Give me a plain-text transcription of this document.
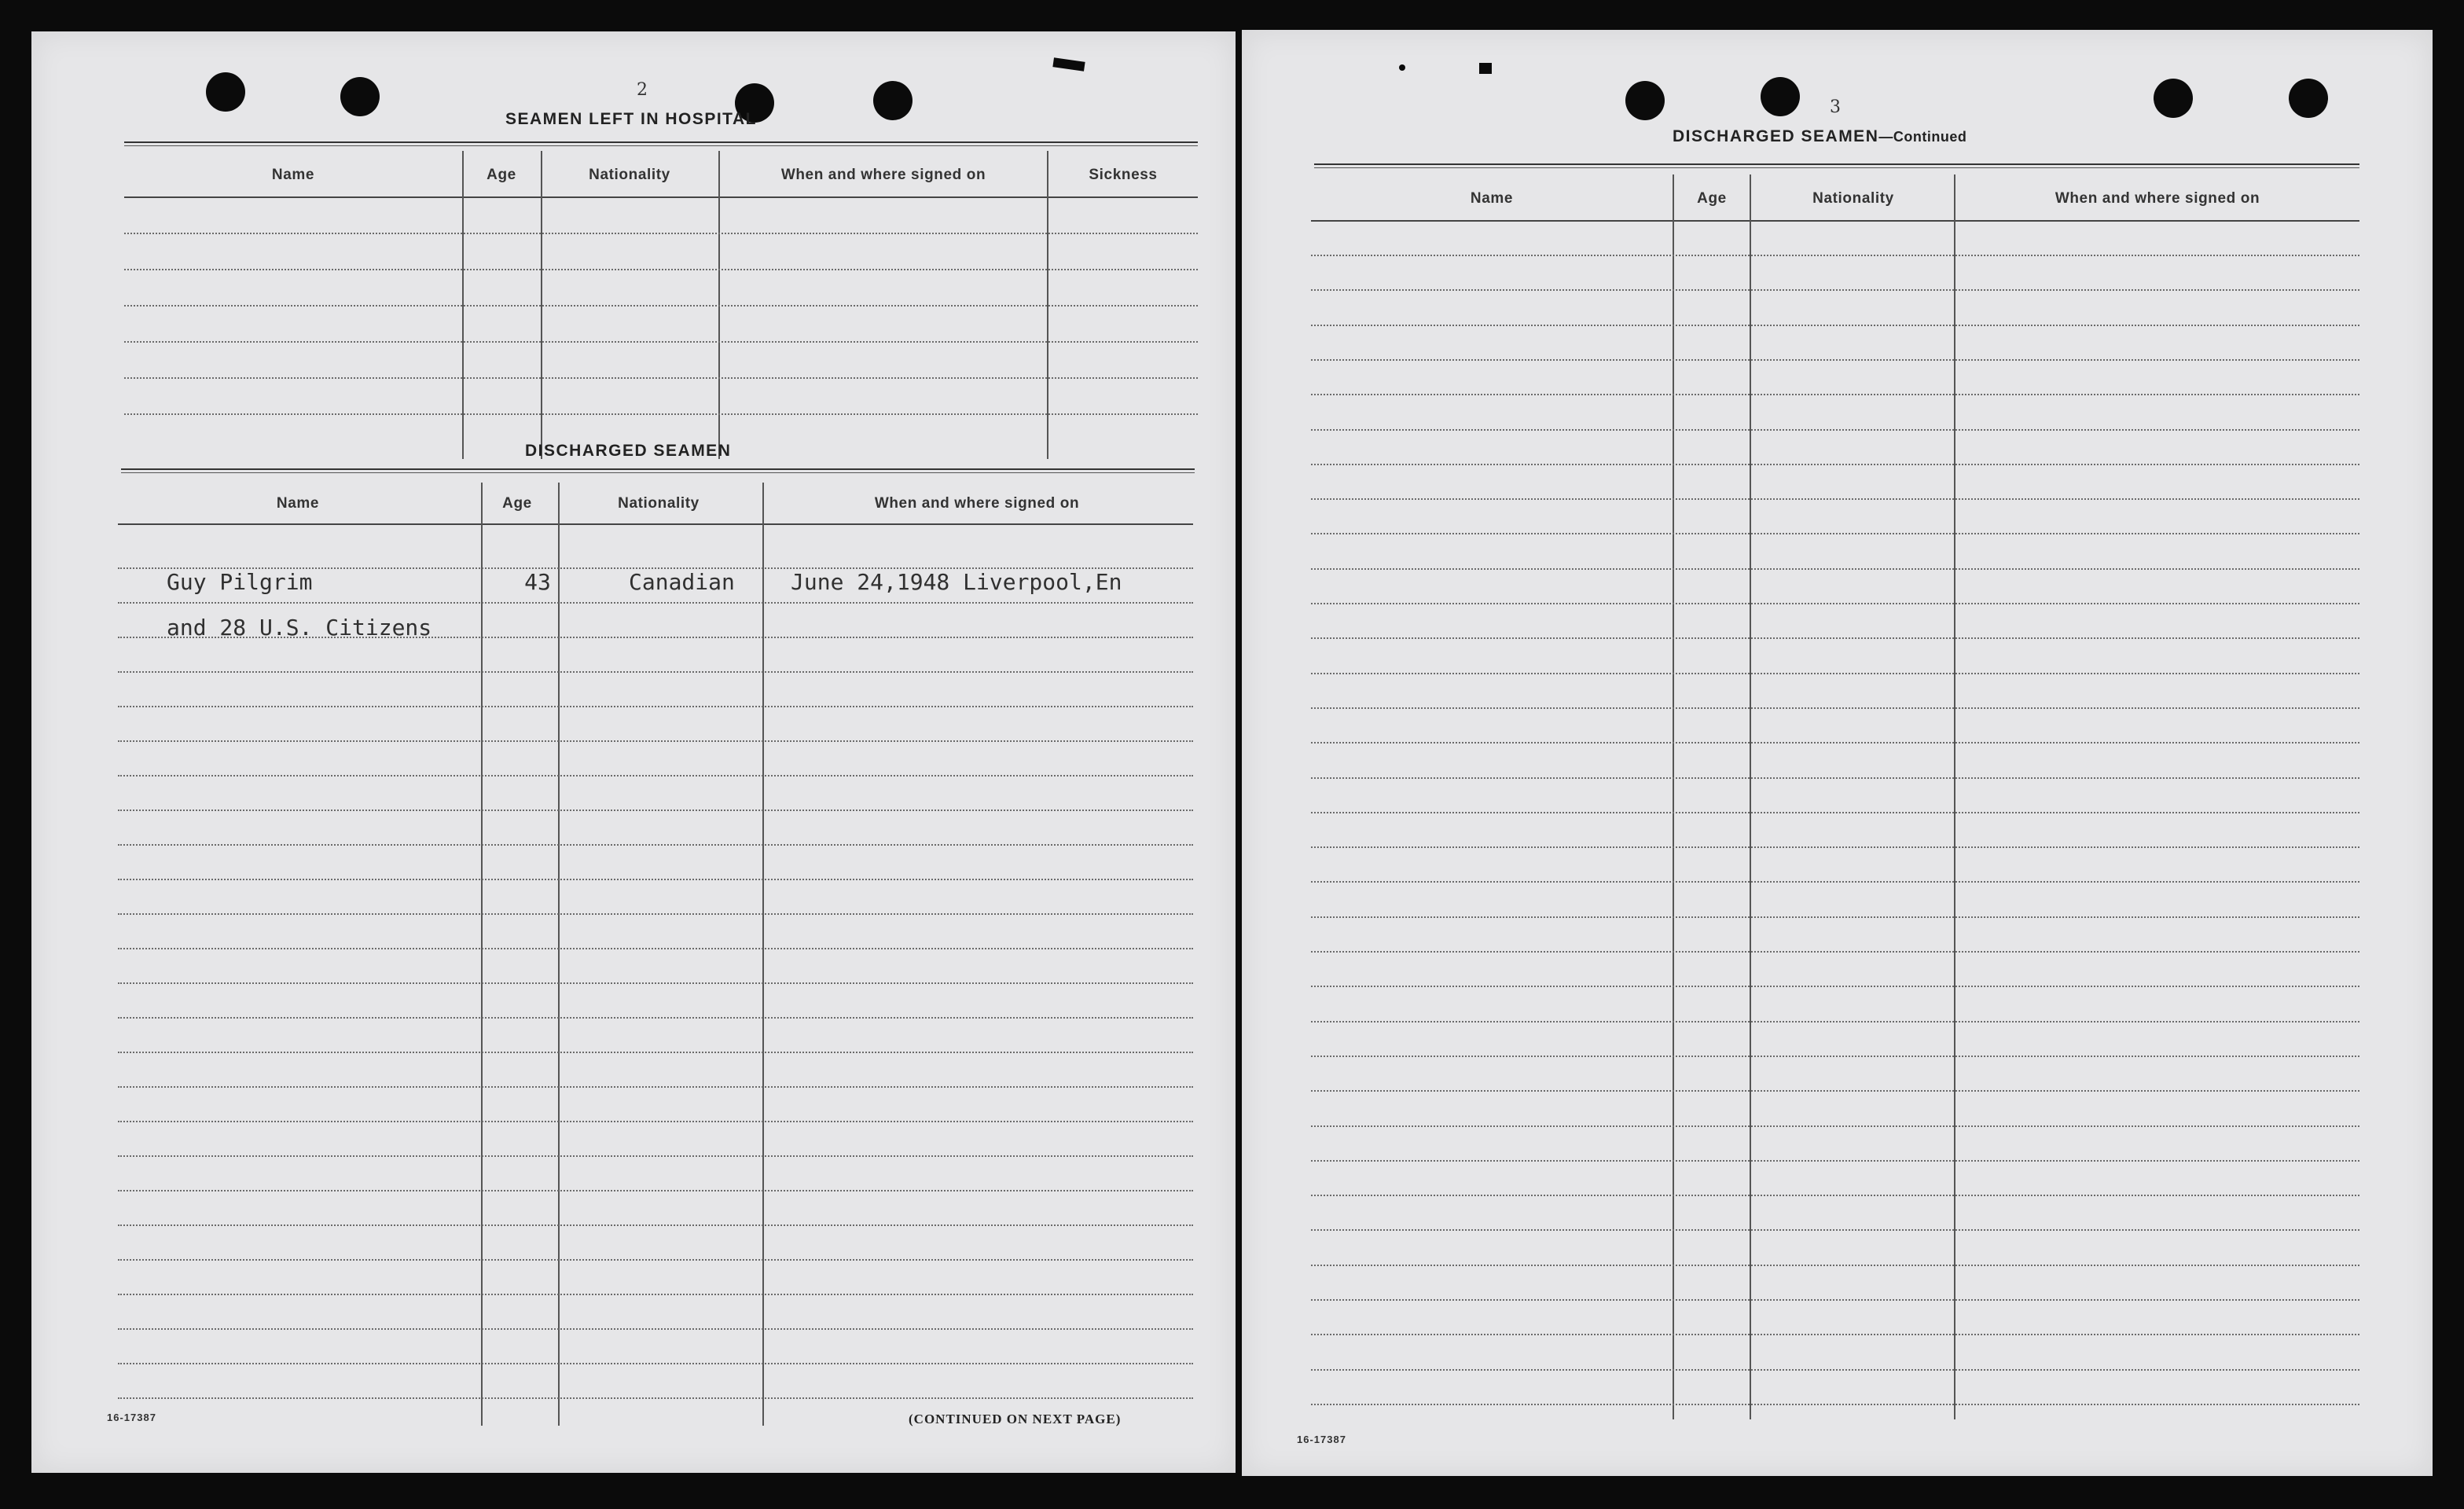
2
SEAMEN LEFT IN HOSPITAL
Name	Age	Nationality	When and where signed on	Sickness
DISCHARGED SEAMEN
Name	Age	Nationality	When and where signed on
Guy Pilgrim	43	Canadian	June 24,1948 Liverpool,En
and 28 U.S. Citizens
16-17387	(CONTINUED ON NEXT PAGE)
3
DISCHARGED SEAMEN—Continued
Name	Age	Nationality	When and where signed on
16-17387
